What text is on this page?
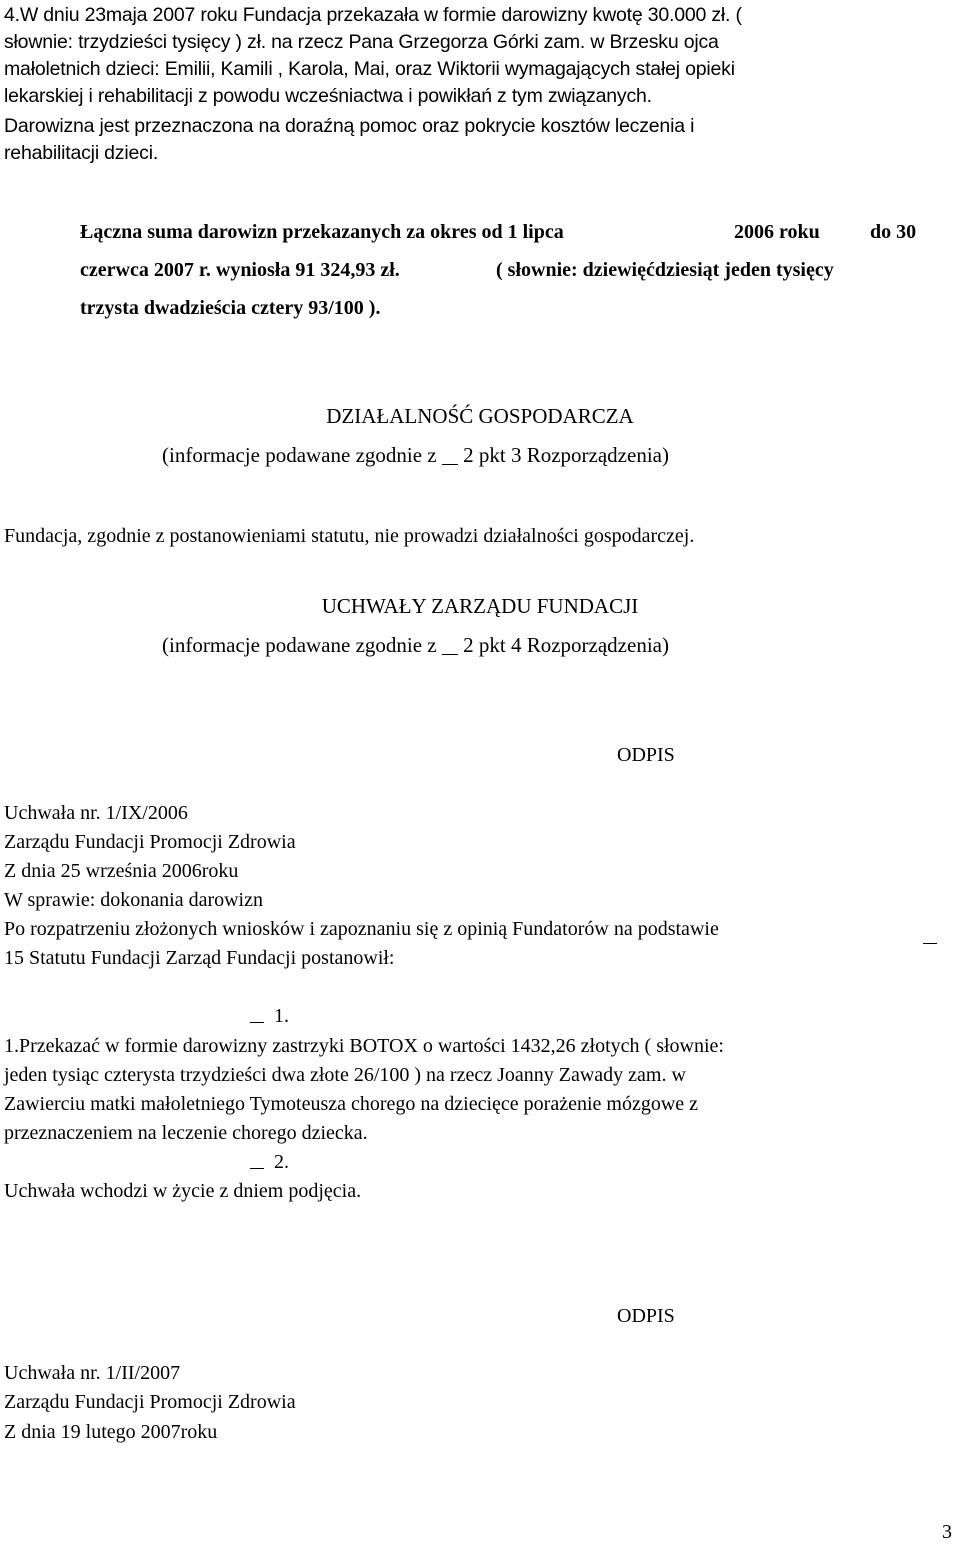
4.W dniu 23maja 2007 roku Fundacja przekazała w formie darowizny kwotę 30.000 zł. (
słownie: trzydzieści tysięcy ) zł. na rzecz Pana Grzegorza Górki zam. w Brzesku ojca
małoletnich dzieci: Emilii, Kamili , Karola, Mai, oraz Wiktorii wymagających stałej opieki
lekarskiej i rehabilitacji z powodu wcześniactwa i powikłań z tym związanych.
Darowizna jest przeznaczona na doraźną pomoc oraz pokrycie kosztów leczenia i
rehabilitacji dzieci.
Łączna suma darowizn przekazanych za okres od 1 lipca	2006 roku	do 30
czerwca 2007 r. wyniosła 91 324,93 zł.	( słownie: dziewięćdziesiąt jeden tysięcy
trzysta dwadzieścia cztery 93/100 ).
DZIAŁALNOŚĆ GOSPODARCZA
(informacje podawane zgodnie z 2 pkt 3 Rozporządzenia)
Fundacja, zgodnie z postanowieniami statutu, nie prowadzi działalności gospodarczej.
UCHWAŁY ZARZĄDU FUNDACJI
(informacje podawane zgodnie z 2 pkt 4 Rozporządzenia)
ODPIS
Uchwała nr. 1/IX/2006
Zarządu Fundacji Promocji Zdrowia
Z dnia 25 września 2006roku
W sprawie: dokonania darowizn
Po rozpatrzeniu złożonych wniosków i zapoznaniu się z opinią Fundatorów na podstawie
15 Statutu Fundacji Zarząd Fundacji postanowił:
1.
1.Przekazać w formie darowizny zastrzyki BOTOX o wartości 1432,26 złotych ( słownie:
jeden tysiąc czterysta trzydzieści dwa złote 26/100 ) na rzecz Joanny Zawady zam. w
Zawierciu matki małoletniego Tymoteusza chorego na dziecięce porażenie mózgowe z
przeznaczeniem na leczenie chorego dziecka.
2.
Uchwała wchodzi w życie z dniem podjęcia.
ODPIS
Uchwała nr. 1/II/2007
Zarządu Fundacji Promocji Zdrowia
Z dnia 19 lutego 2007roku
3
